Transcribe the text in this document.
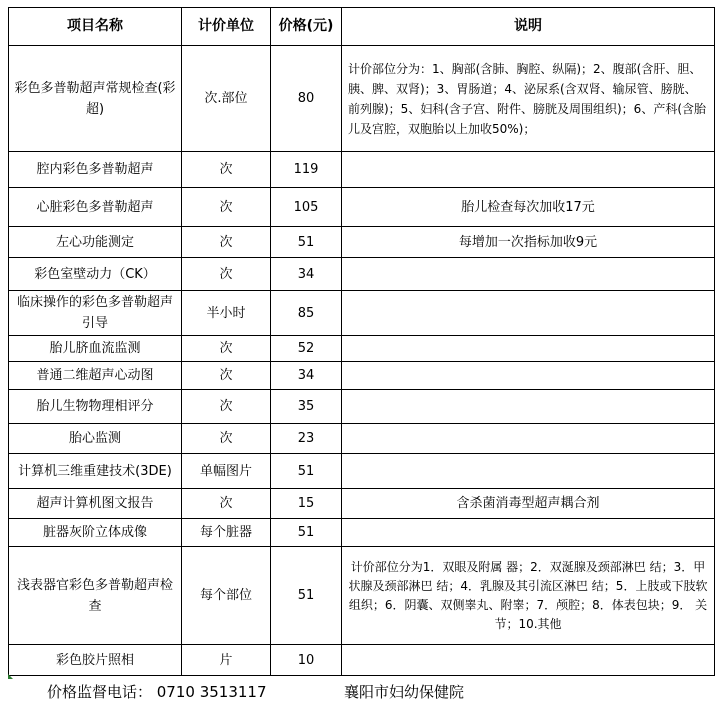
项目名称	计价单位	价格(元)	说明
彩色多普勒超声常规检查(彩超)	次.部位	80	计价部位分为：1、胸部(含肺、胸腔、纵隔)；2、腹部(含肝、胆、胰、脾、双肾)；3、胃肠道；4、泌尿系(含双肾、输尿管、膀胱、前列腺)；5、妇科(含子宫、附件、膀胱及周围组织)；6、产科(含胎儿及宫腔，双胞胎以上加收50%)；
腔内彩色多普勒超声	次	119	
心脏彩色多普勒超声	次	105	胎儿检查每次加收17元
左心功能测定	次	51	每增加一次指标加收9元
彩色室壁动力（CK）	次	34	
临床操作的彩色多普勒超声引导	半小时	85	
胎儿脐血流监测	次	52	
普通二维超声心动图	次	34	
胎儿生物物理相评分	次	35	
胎心监测	次	23	
计算机三维重建技术(3DE)	单幅图片	51	
超声计算机图文报告	次	15	含杀菌消毒型超声耦合剂
脏器灰阶立体成像	每个脏器	51	
浅表器官彩色多普勒超声检查	每个部位	51	计价部位分为1．双眼及附属 器；2．双涎腺及颈部淋巴 结；3．甲状腺及颈部淋巴 结；4．乳腺及其引流区淋巴 结；5．上肢或下肢软组织；6．阴囊、双侧睾丸、附睾；7．颅腔；8．体表包块；9． 关节；10.其他
彩色胶片照相	片	10	
价格监督电话： 0710 3513117	襄阳市妇幼保健院
